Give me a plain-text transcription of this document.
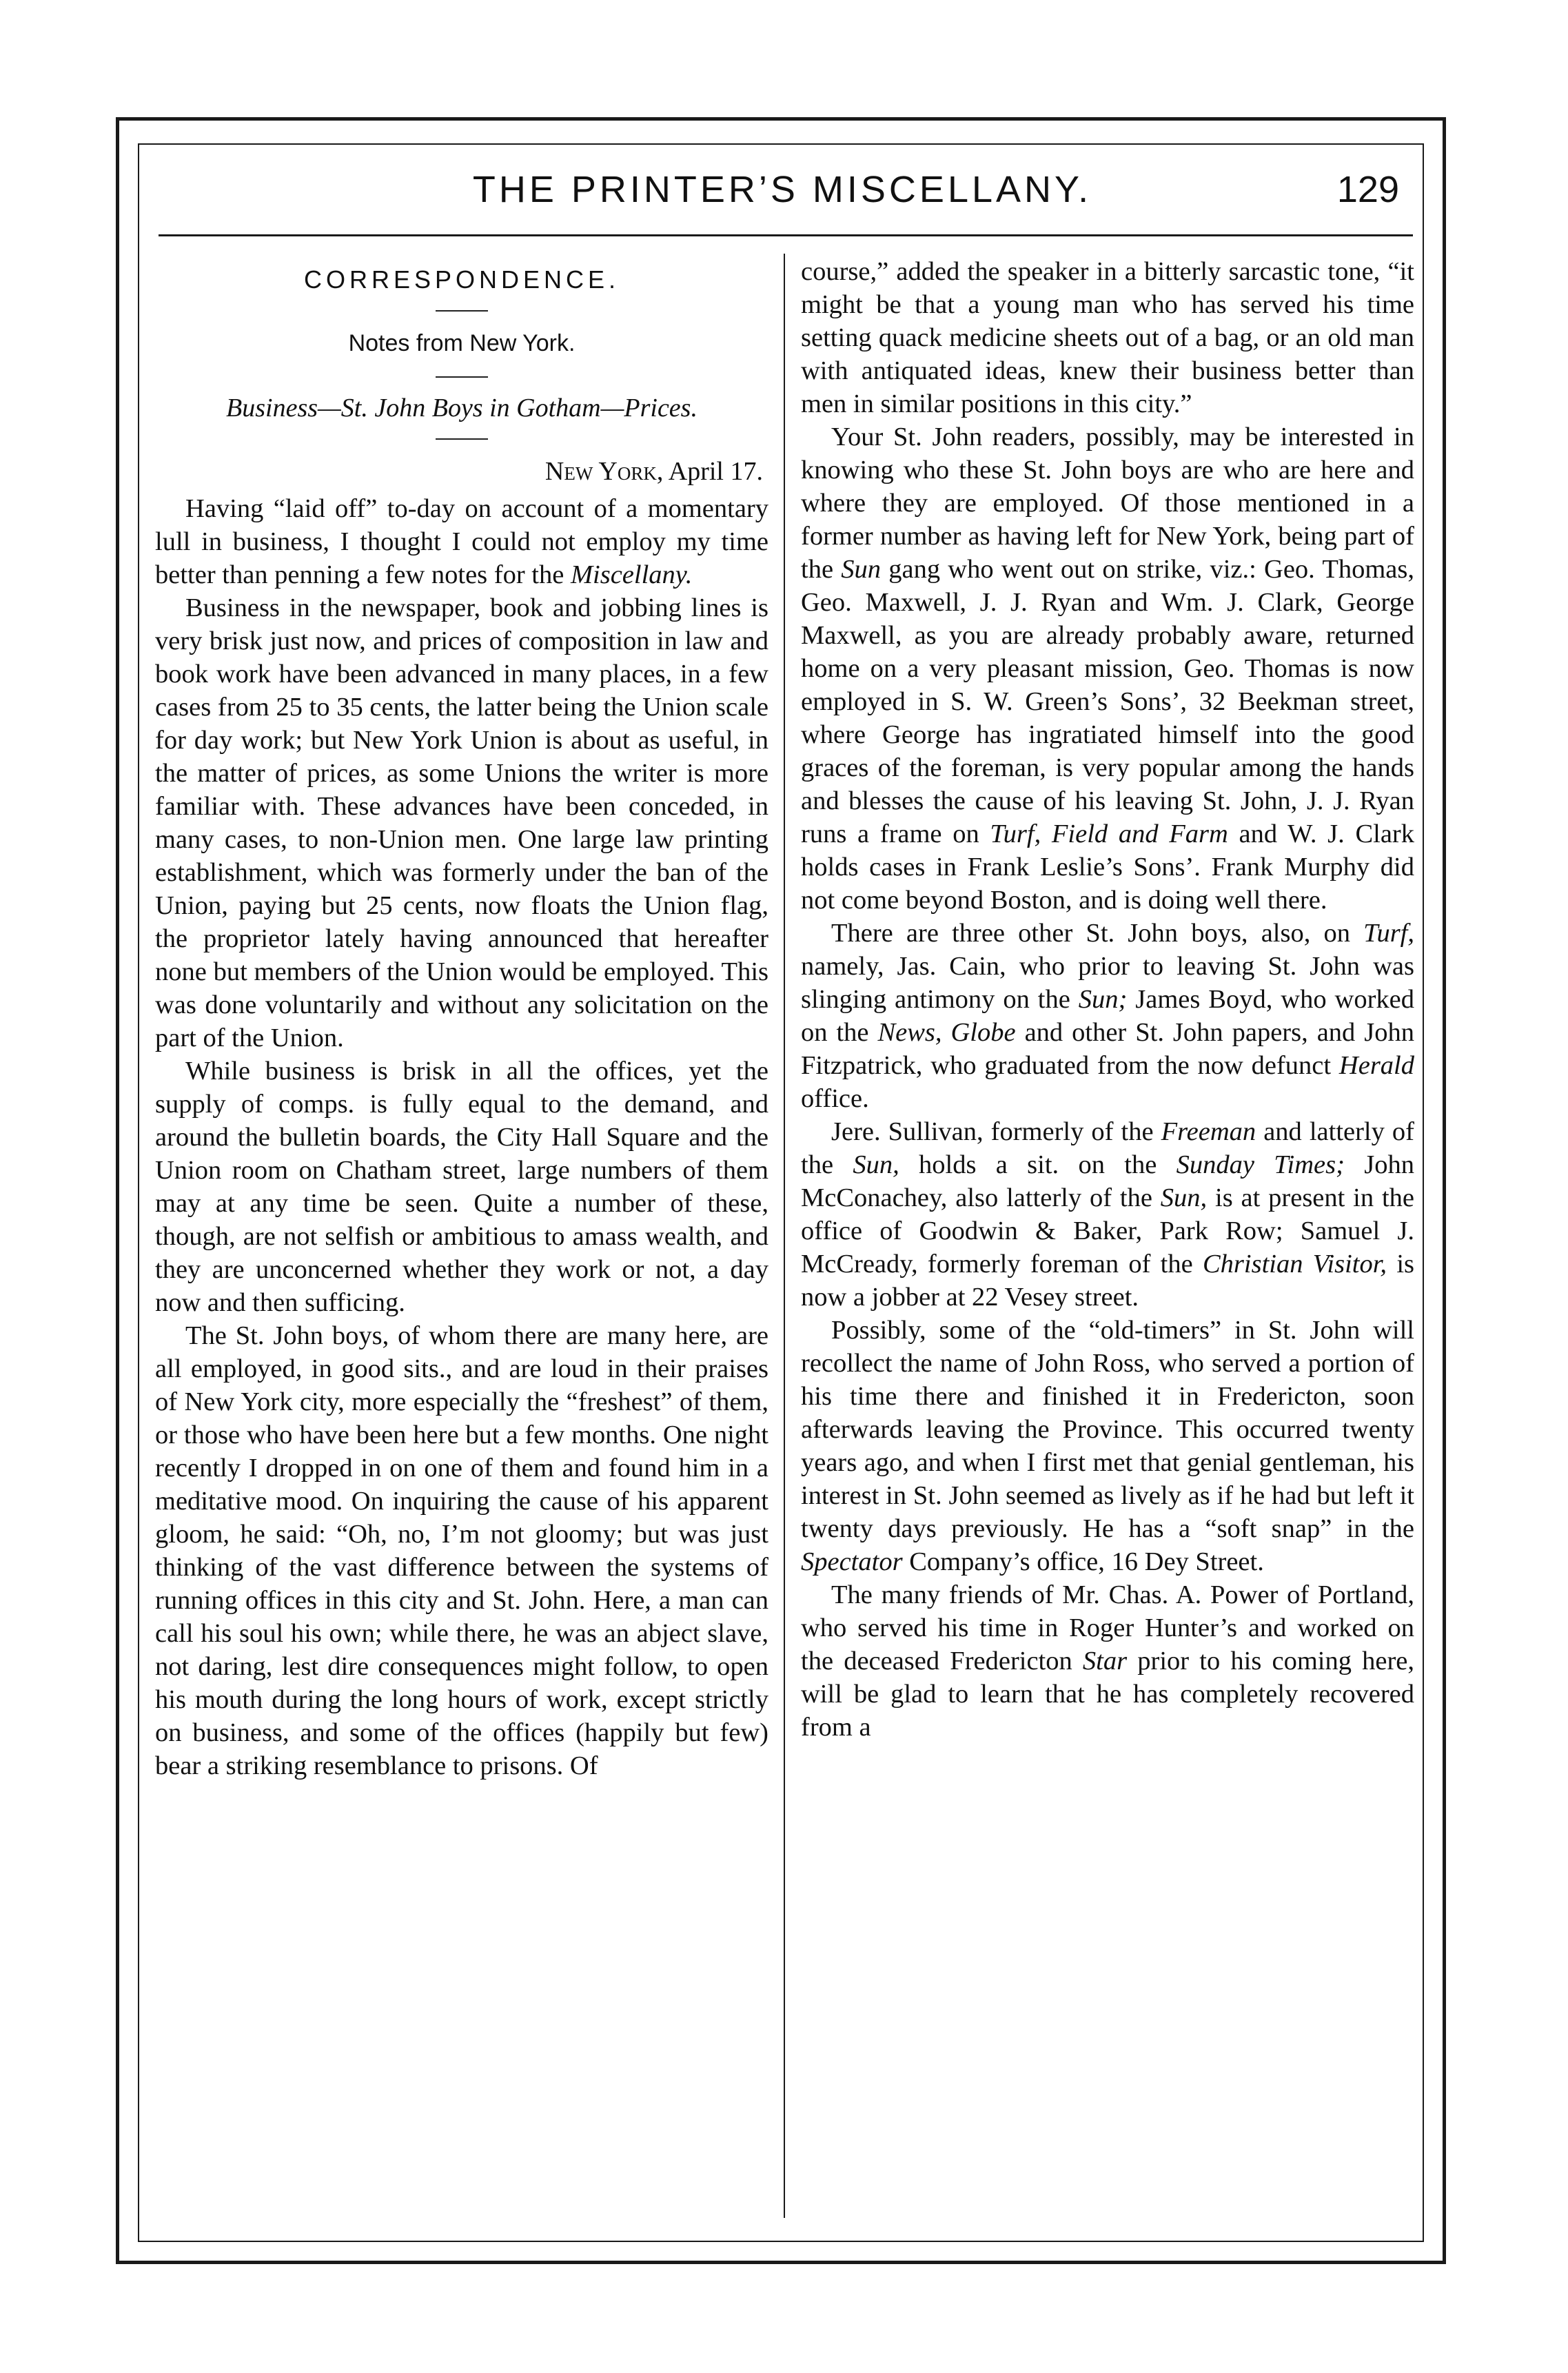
THE PRINTER’S MISCELLANY.	129
CORRESPONDENCE.
Notes from New York.
Business—St. John Boys in Gotham—Prices.
New York, April 17.

Having “laid off” to-day on account of a momentary lull in business, I thought I could not employ my time better than penning a few notes for the Miscellany.

Business in the newspaper, book and jobbing lines is very brisk just now, and prices of composition in law and book work have been advanced in many places, in a few cases from 25 to 35 cents, the latter being the Union scale for day work; but New York Union is about as useful, in the matter of prices, as some Unions the writer is more familiar with. These advances have been conceded, in many cases, to non-Union men. One large law printing establishment, which was formerly under the ban of the Union, paying but 25 cents, now floats the Union flag, the proprietor lately having announced that hereafter none but members of the Union would be employed. This was done voluntarily and without any solicitation on the part of the Union.

While business is brisk in all the offices, yet the supply of comps. is fully equal to the demand, and around the bulletin boards, the City Hall Square and the Union room on Chatham street, large numbers of them may at any time be seen. Quite a number of these, though, are not selfish or ambitious to amass wealth, and they are unconcerned whether they work or not, a day now and then sufficing.

The St. John boys, of whom there are many here, are all employed, in good sits., and are loud in their praises of New York city, more especially the “freshest” of them, or those who have been here but a few months. One night recently I dropped in on one of them and found him in a meditative mood. On inquiring the cause of his apparent gloom, he said: “Oh, no, I’m not gloomy; but was just thinking of the vast difference between the systems of running offices in this city and St. John. Here, a man can call his soul his own; while there, he was an abject slave, not daring, lest dire consequences might follow, to open his mouth during the long hours of work, except strictly on business, and some of the offices (happily but few) bear a striking resemblance to prisons. Of

course,” added the speaker in a bitterly sarcastic tone, “it might be that a young man who has served his time setting quack medicine sheets out of a bag, or an old man with antiquated ideas, knew their business better than men in similar positions in this city.”

Your St. John readers, possibly, may be interested in knowing who these St. John boys are who are here and where they are employed. Of those mentioned in a former number as having left for New York, being part of the Sun gang who went out on strike, viz.: Geo. Thomas, Geo. Maxwell, J. J. Ryan and Wm. J. Clark, George Maxwell, as you are already probably aware, returned home on a very pleasant mission, Geo. Thomas is now employed in S. W. Green’s Sons’, 32 Beekman street, where George has ingratiated himself into the good graces of the foreman, is very popular among the hands and blesses the cause of his leaving St. John, J. J. Ryan runs a frame on Turf, Field and Farm and W. J. Clark holds cases in Frank Leslie’s Sons’. Frank Murphy did not come beyond Boston, and is doing well there.

There are three other St. John boys, also, on Turf, namely, Jas. Cain, who prior to leaving St. John was slinging antimony on the Sun; James Boyd, who worked on the News, Globe and other St. John papers, and John Fitzpatrick, who graduated from the now defunct Herald office.

Jere. Sullivan, formerly of the Freeman and latterly of the Sun, holds a sit. on the Sunday Times; John McConachey, also latterly of the Sun, is at present in the office of Goodwin & Baker, Park Row; Samuel J. McCready, formerly foreman of the Christian Visitor, is now a jobber at 22 Vesey street.

Possibly, some of the “old-timers” in St. John will recollect the name of John Ross, who served a portion of his time there and finished it in Fredericton, soon afterwards leaving the Province. This occurred twenty years ago, and when I first met that genial gentleman, his interest in St. John seemed as lively as if he had but left it twenty days previously. He has a “soft snap” in the Spectator Company’s office, 16 Dey Street.

The many friends of Mr. Chas. A. Power of Portland, who served his time in Roger Hunter’s and worked on the deceased Fredericton Star prior to his coming here, will be glad to learn that he has completely recovered from a
